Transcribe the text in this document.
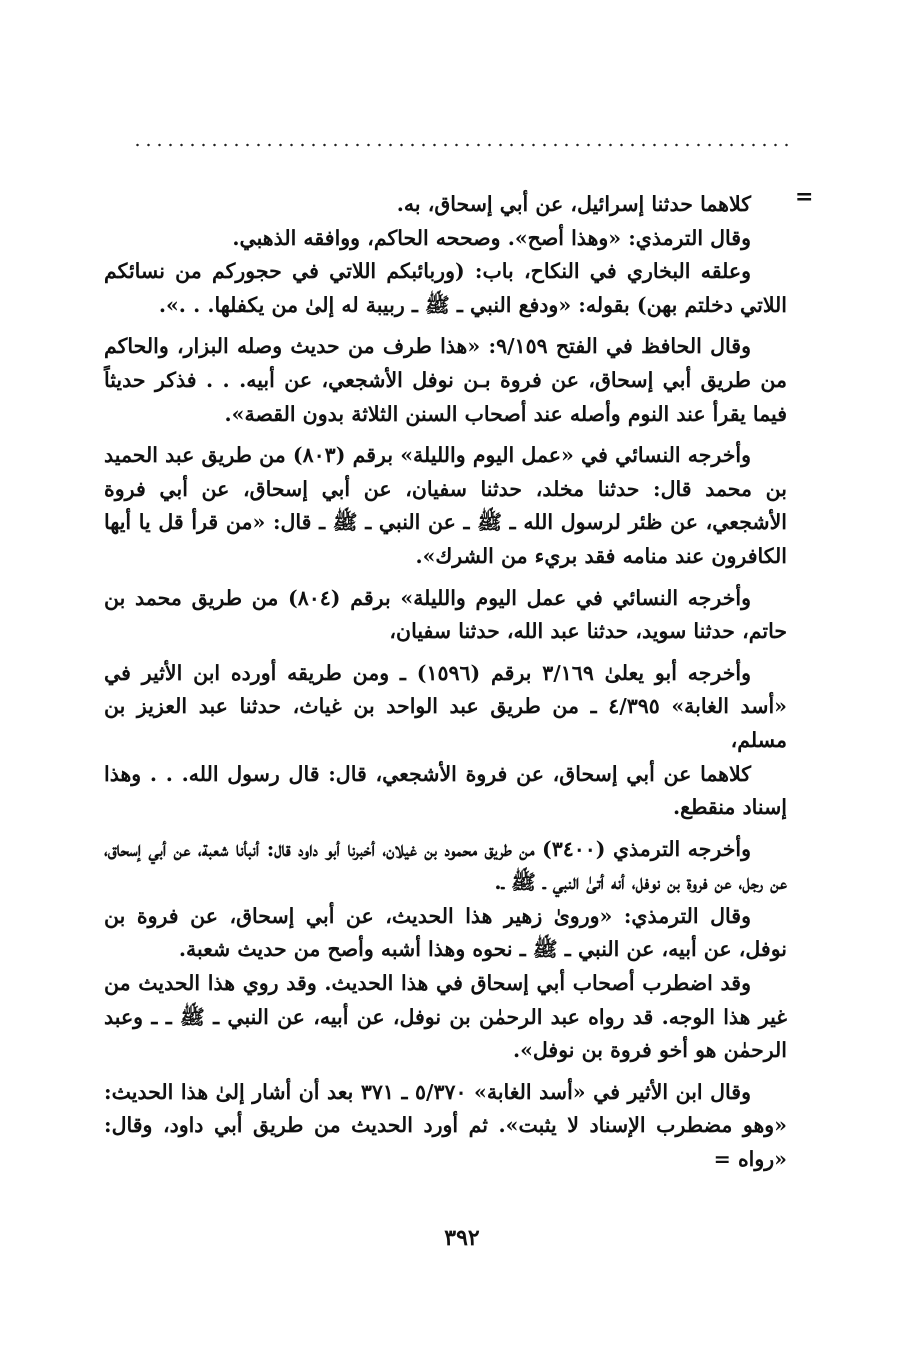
=

كلاهما حدثنا إسرائيل، عن أبي إسحاق، به.

وقال الترمذي: «وهذا أصح». وصححه الحاكم، ووافقه الذهبي.

وعلقه البخاري في النكاح، باب: (وربائبكم اللاتي في حجوركم من نسائكم اللاتي دخلتم بهن) بقوله: «ودفع النبي ـ ﷺ ـ ربيبة له إلىٰ من يكفلها. . .».

وقال الحافظ في الفتح ٩/١٥٩: «هذا طرف من حديث وصله البزار، والحاكم من طريق أبي إسحاق، عن فروة بـن نوفل الأشجعي، عن أبيه. . . فذكر حديثاً فيما يقرأ عند النوم وأصله عند أصحاب السنن الثلاثة بدون القصة».

وأخرجه النسائي في «عمل اليوم والليلة» برقم (٨٠٣) من طريق عبد الحميد بن محمد قال: حدثنا مخلد، حدثنا سفيان، عن أبي إسحاق، عن أبي فروة الأشجعي، عن ظئر لرسول الله ـ ﷺ ـ عن النبي ـ ﷺ ـ قال: «من قرأ قل يا أيها الكافرون عند منامه فقد بريء من الشرك».

وأخرجه النسائي في عمل اليوم والليلة» برقم (٨٠٤) من طريق محمد بن حاتم، حدثنا سويد، حدثنا عبد الله، حدثنا سفيان،

وأخرجه أبو يعلىٰ ٣/١٦٩ برقم (١٥٩٦) ـ ومن طريقه أورده ابن الأثير في «أسد الغابة» ٤/٣٩٥ ـ من طريق عبد الواحد بن غياث، حدثنا عبد العزيز بن مسلم،

كلاهما عن أبي إسحاق، عن فروة الأشجعي، قال: قال رسول الله. . . وهذا إسناد منقطع.

وأخرجه الترمذي (٣٤٠٠) من طريق محمود بن غيلان، أخبرنا أبو داود قال: أنبأنا شعبة، عن أبي إسحاق، عن رجل، عن فروة بن نوفل، أنه أتىٰ النبي ـ ﷺ ـ.

وقال الترمذي: «ورویٰ زهير هذا الحديث، عن أبي إسحاق، عن فروة بن نوفل، عن أبيه، عن النبي ـ ﷺ ـ نحوه وهذا أشبه وأصح من حديث شعبة.

وقد اضطرب أصحاب أبي إسحاق في هذا الحديث. وقد روي هذا الحديث من غير هذا الوجه. قد رواه عبد الرحمٰن بن نوفل، عن أبيه، عن النبي ـ ﷺ ـ ـ وعبد الرحمٰن هو أخو فروة بن نوفل».

وقال ابن الأثير في «أسد الغابة» ٥/٣٧٠ ـ ٣٧١ بعد أن أشار إلىٰ هذا الحديث: «وهو مضطرب الإسناد لا يثبت». ثم أورد الحديث من طريق أبي داود، وقال: «رواه =

٣٩٢
